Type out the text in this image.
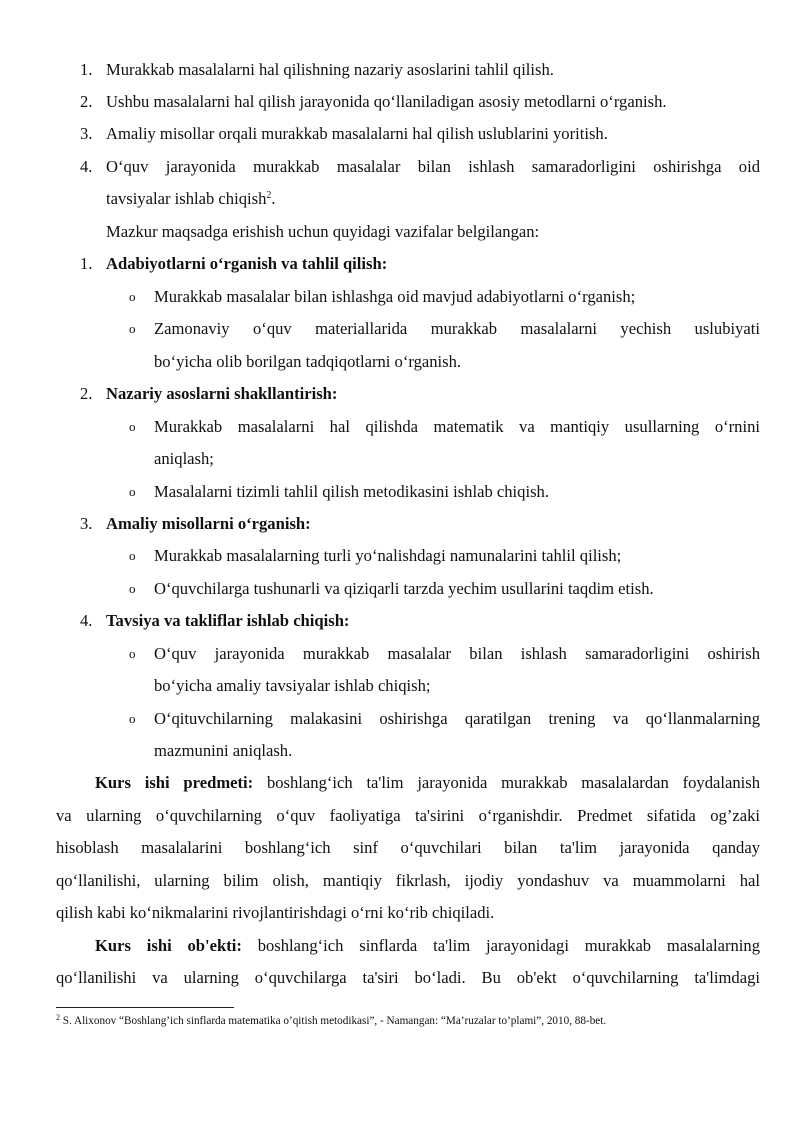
1. Murakkab masalalarni hal qilishning nazariy asoslarini tahlil qilish.
2. Ushbu masalalarni hal qilish jarayonida qo‘llaniladigan asosiy metodlarni o‘rganish.
3. Amaliy misollar orqali murakkab masalalarni hal qilish uslublarini yoritish.
4. O‘quv jarayonida murakkab masalalar bilan ishlash samaradorligini oshirishga oid
tavsiyalar ishlab chiqish$^2$.
Mazkur maqsadga erishish uchun quyidagi vazifalar belgilangan:
1. Adabiyotlarni o‘rganish va tahlil qilish:
o Murakkab masalalar bilan ishlashga oid mavjud adabiyotlarni o‘rganish;
o Zamonaviy o‘quv materiallarida murakkab masalalarni yechish uslubiyati
bo‘yicha olib borilgan tadqiqotlarni o‘rganish.
2. Nazariy asoslarni shakllantirish:
o Murakkab masalalarni hal qilishda matematik va mantiqiy usullarning o‘rnini
aniqlash;
o Masalalarni tizimli tahlil qilish metodikasini ishlab chiqish.
3. Amaliy misollarni o‘rganish:
o Murakkab masalalarning turli yo‘nalishdagi namunalarini tahlil qilish;
o O‘quvchilarga tushunarli va qiziqarli tarzda yechim usullarini taqdim etish.
4. Tavsiya va takliflar ishlab chiqish:
o O‘quv jarayonida murakkab masalalar bilan ishlash samaradorligini oshirish
bo‘yicha amaliy tavsiyalar ishlab chiqish;
o O‘qituvchilarning malakasini oshirishga qaratilgan trening va qo‘llanmalarning
mazmunini aniqlash.
Kurs ishi predmeti: boshlang‘ich ta'lim jarayonida murakkab masalalardan foydalanish
va ularning o‘quvchilarning o‘quv faoliyatiga ta'sirini o‘rganishdir. Predmet sifatida og’zaki
hisoblash masalalarini boshlang‘ich sinf o‘quvchilari bilan ta'lim jarayonida qanday
qo‘llanilishi, ularning bilim olish, mantiqiy fikrlash, ijodiy yondashuv va muammolarni hal
qilish kabi ko‘nikmalarini rivojlantirishdagi o‘rni ko‘rib chiqiladi.
Kurs ishi ob'ekti: boshlang‘ich sinflarda ta'lim jarayonidagi murakkab masalalarning
qo‘llanilishi va ularning o‘quvchilarga ta'siri bo‘ladi. Bu ob'ekt o‘quvchilarning ta'limdagi
$^2$ S. Alixonov “Boshlang’ich sinflarda matematika o’qitish metodikasi”, - Namangan: “Ma’ruzalar to’plami”, 2010, 88-bet.
